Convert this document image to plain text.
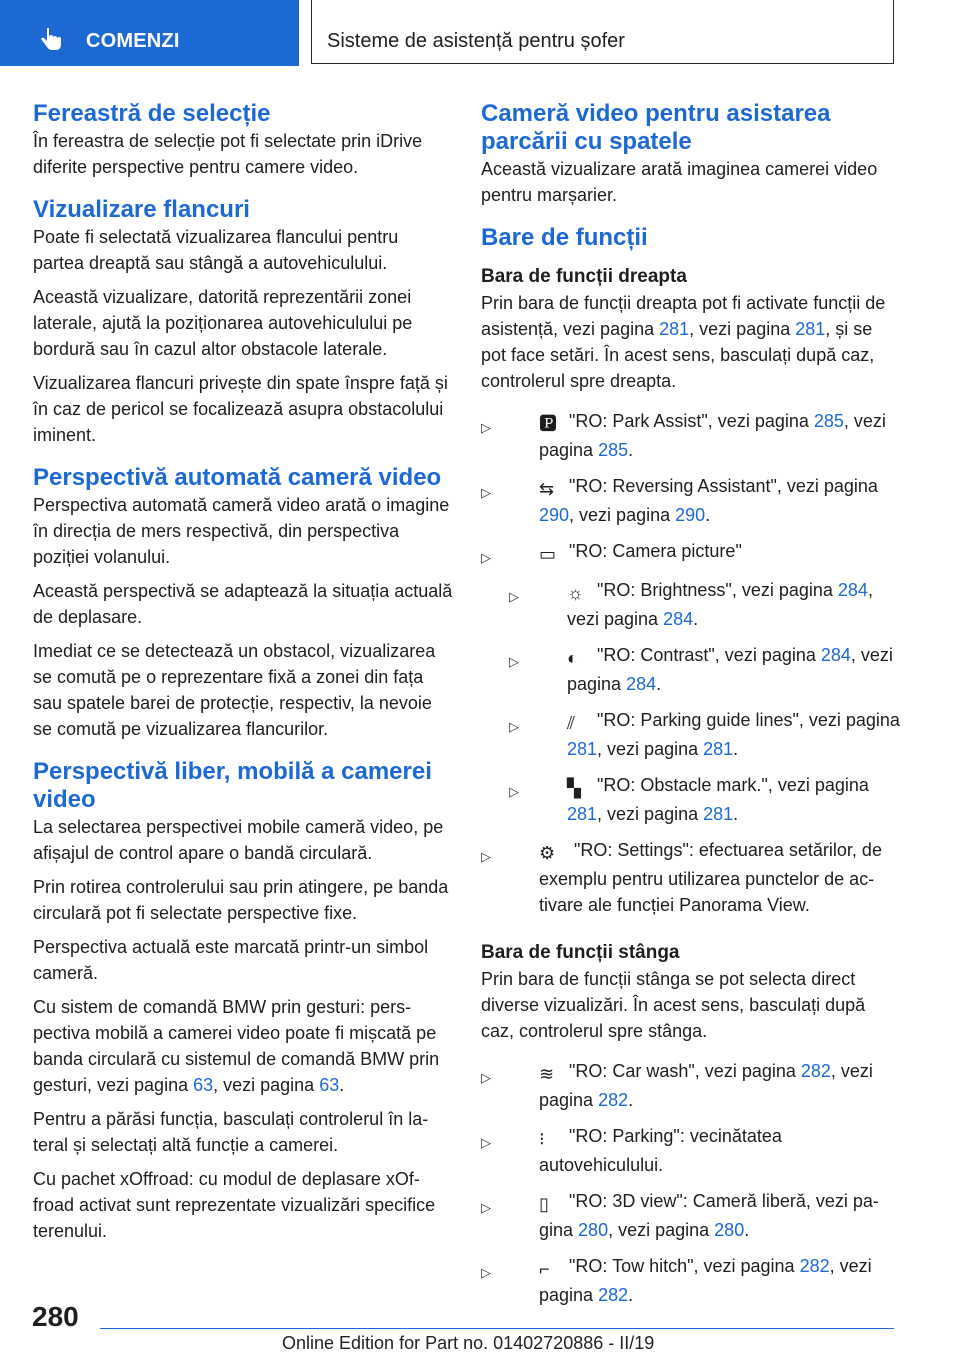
COMENZI	Sisteme de asistență pentru șofer
Fereastră de selecție

În fereastra de selecție pot fi selectate prin iDrive diferite perspective pentru camere video.

Vizualizare flancuri

Poate fi selectată vizualizarea flancului pentru partea dreaptă sau stângă a autovehiculului.

Această vizualizare, datorită reprezentării zonei laterale, ajută la poziționarea autovehiculului pe bordură sau în cazul altor obstacole laterale.

Vizualizarea flancuri privește din spate înspre față și în caz de pericol se focalizează asupra obstacolului iminent.

Perspectivă automată cameră video

Perspectiva automată cameră video arată o imagine în direcția de mers respectivă, din perspectiva poziției volanului.

Această perspectivă se adaptează la situația actuală de deplasare.

Imediat ce se detectează un obstacol, vizualizarea se comută pe o reprezentare fixă a zonei din fața sau spatele barei de protecție, respectiv, la nevoie se comută pe vizualizarea flancurilor.

Perspectivă liber, mobilă a camerei video

La selectarea perspectivei mobile cameră video, pe afișajul de control apare o bandă circulară.

Prin rotirea controlerului sau prin atingere, pe banda circulară pot fi selectate perspective fixe.

Perspectiva actuală este marcată printr-un simbol cameră.

Cu sistem de comandă BMW prin gesturi: perspectiva mobilă a camerei video poate fi mișcată pe banda circulară cu sistemul de comandă BMW prin gesturi, vezi pagina 63, vezi pagina 63.

Pentru a părăsi funcția, basculați controlerul în lateral și selectați altă funcție a camerei.

Cu pachet xOffroad: cu modul de deplasare xOffroad activat sunt reprezentate vizualizări specifice terenului.

Cameră video pentru asistarea parcării cu spatele

Această vizualizare arată imaginea camerei video pentru marșarier.

Bare de funcții
Bara de funcții dreapta

Prin bara de funcții dreapta pot fi activate funcții de asistență, vezi pagina 281, vezi pagina 281, și se pot face setări. În acest sens, basculați după caz, controlerul spre dreapta.

▷	🅿 "RO: Park Assist", vezi pagina 285, vezi pagina 285.
▷	⇆ "RO: Reversing Assistant", vezi pagina 290, vezi pagina 290.
▷	▭ "RO: Camera picture"
▷	☼ "RO: Brightness", vezi pagina 284, vezi pagina 284.
▷	◐ "RO: Contrast", vezi pagina 284, vezi pagina 284.
▷	⫽ "RO: Parking guide lines", vezi pagina 281, vezi pagina 281.
▷	▚ "RO: Obstacle mark.", vezi pagina 281, vezi pagina 281.
▷	⚙ "RO: Settings": efectuarea setărilor, de exemplu pentru utilizarea punctelor de activare ale funcției Panorama View.
Bara de funcții stânga

Prin bara de funcții stânga se pot selecta direct diverse vizualizări. În acest sens, basculați după caz, controlerul spre stânga.

▷	≋ "RO: Car wash", vezi pagina 282, vezi pagina 282.
▷	⁝ "RO: Parking": vecinătatea autovehiculului.
▷	▯ "RO: 3D view": Cameră liberă, vezi pagina 280, vezi pagina 280.
▷	⌐ "RO: Tow hitch", vezi pagina 282, vezi pagina 282.
280
Online Edition for Part no. 01402720886 - II/19
